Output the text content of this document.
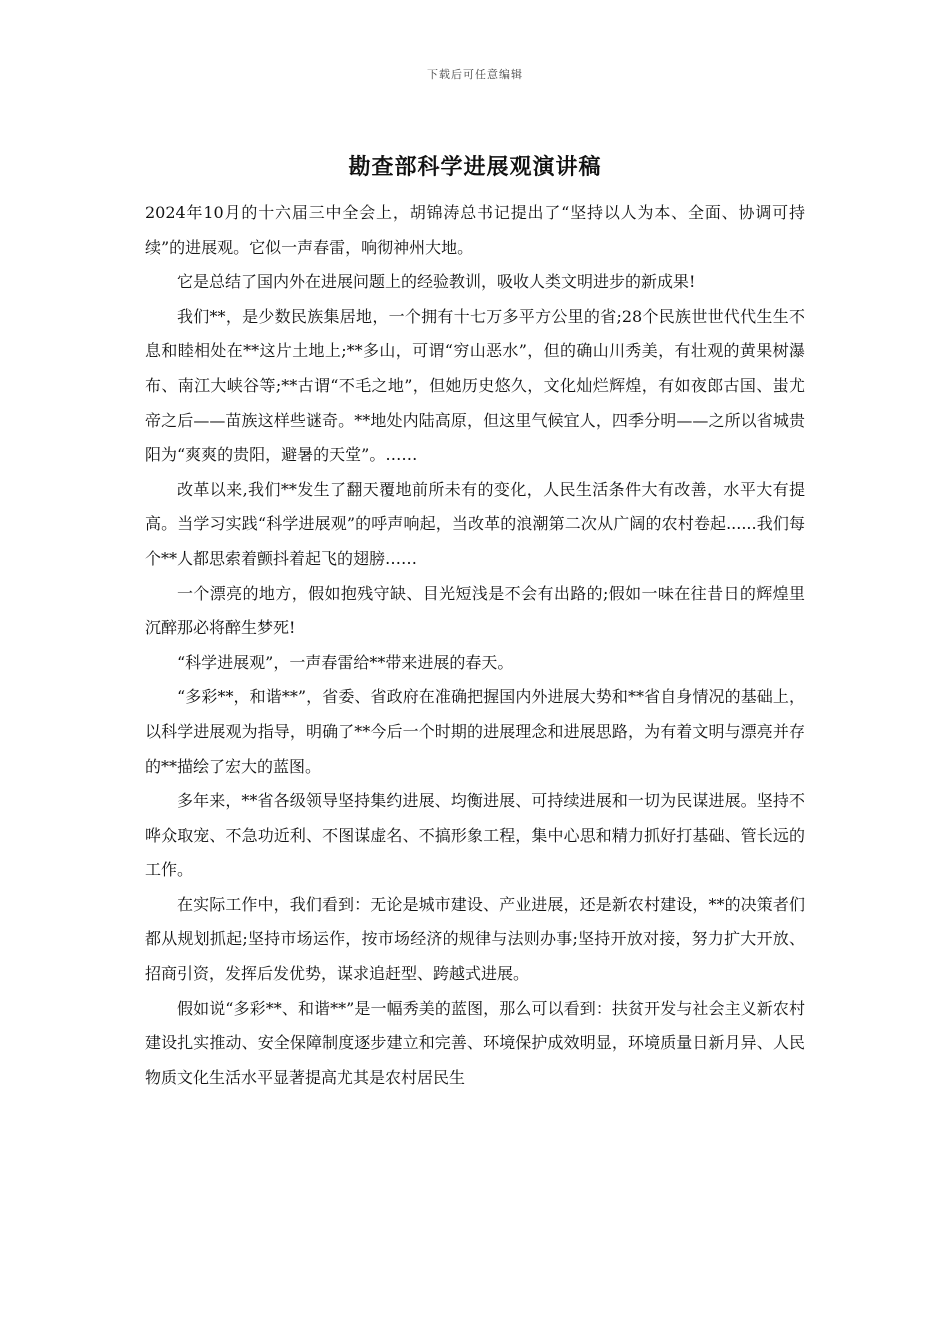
下载后可任意编辑
勘查部科学进展观演讲稿

2024年10月的十六届三中全会上，胡锦涛总书记提出了“坚持以人为本、全面、协调可持续”的进展观。它似一声春雷，响彻神州大地。

它是总结了国内外在进展问题上的经验教训，吸收人类文明进步的新成果!

我们**，是少数民族集居地，一个拥有十七万多平方公里的省;28个民族世世代代生生不息和睦相处在**这片土地上;**多山，可谓“穷山恶水”，但的确山川秀美，有壮观的黄果树瀑布、南江大峡谷等;**古谓“不毛之地”，但她历史悠久，文化灿烂辉煌，有如夜郎古国、蚩尤帝之后——苗族这样些谜奇。**地处内陆高原，但这里气候宜人，四季分明——之所以省城贵阳为“爽爽的贵阳，避暑的天堂”。……

改革以来,我们**发生了翻天覆地前所未有的变化，人民生活条件大有改善，水平大有提高。当学习实践“科学进展观”的呼声响起，当改革的浪潮第二次从广阔的农村卷起......我们每个**人都思索着颤抖着起飞的翅膀……

一个漂亮的地方，假如抱残守缺、目光短浅是不会有出路的;假如一味在往昔日的辉煌里沉醉那必将醉生梦死!

“科学进展观”，一声春雷给**带来进展的春天。

“多彩**，和谐**”，省委、省政府在准确把握国内外进展大势和**省自身情况的基础上，以科学进展观为指导，明确了**今后一个时期的进展理念和进展思路，为有着文明与漂亮并存的**描绘了宏大的蓝图。

多年来，**省各级领导坚持集约进展、均衡进展、可持续进展和一切为民谋进展。坚持不哗众取宠、不急功近利、不图谋虚名、不搞形象工程，集中心思和精力抓好打基础、管长远的工作。

在实际工作中，我们看到：无论是城市建设、产业进展，还是新农村建设，**的决策者们都从规划抓起;坚持市场运作，按市场经济的规律与法则办事;坚持开放对接，努力扩大开放、招商引资，发挥后发优势，谋求追赶型、跨越式进展。

假如说“多彩**、和谐**”是一幅秀美的蓝图，那么可以看到：扶贫开发与社会主义新农村建设扎实推动、安全保障制度逐步建立和完善、环境保护成效明显，环境质量日新月异、人民物质文化生活水平显著提高尤其是农村居民生
